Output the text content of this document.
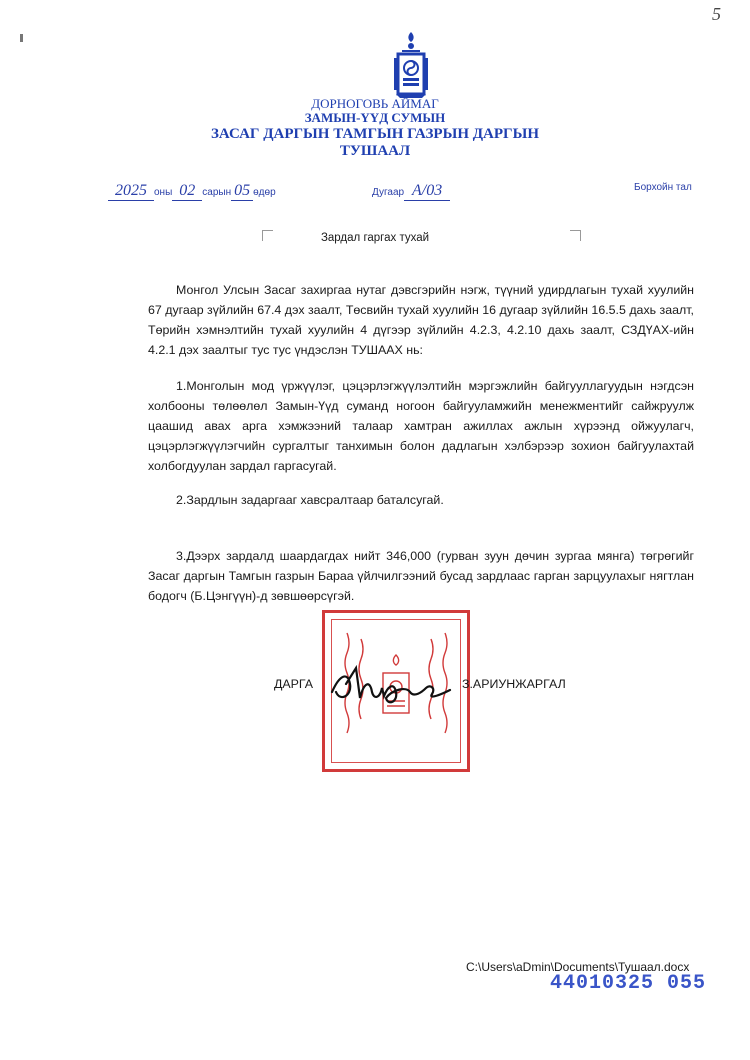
5
ДОРНОГОВЬ АЙМАГ
ЗАМЫН-ҮҮД СУМЫН
ЗАСАГ ДАРГЫН ТАМГЫН ГАЗРЫН ДАРГЫН
ТУШААЛ
2025 оны 02 сарын 05 өдөр	Дугаар А/03	Борхойн тал
Зардал гаргах тухай
Монгол Улсын Засаг захиргаа нутаг дэвсгэрийн нэгж, түүний удирдлагын тухай хуулийн 67 дугаар зүйлийн 67.4 дэх заалт, Төсвийн тухай хуулийн 16 дугаар зүйлийн 16.5.5 дахь заалт, Төрийн хэмнэлтийн тухай хуулийн 4 дүгээр зүйлийн 4.2.3, 4.2.10 дахь заалт, СЗДҮАХ-ийн 4.2.1 дэх заалтыг тус тус үндэслэн ТУШААХ нь:
1.Монголын мод үржүүлэг, цэцэрлэгжүүлэлтийн мэргэжлийн байгууллагуудын нэгдсэн холбооны төлөөлөл Замын-Үүд суманд ногоон байгууламжийн менежментийг сайжруулж цаашид авах арга хэмжээний талаар хамтран ажиллах ажлын хүрээнд ойжуулагч, цэцэрлэгжүүлэгчийн сургалтыг танхимын болон дадлагын хэлбэрээр зохион байгуулахтай холбогдуулан зардал гаргасугай.
2.Зардлын задаргааг хавсралтаар баталсугай.
3.Дээрх зардалд шаардагдах нийт 346,000 (гурван зуун дөчин зургаа мянга) төгрөгийг Засаг даргын Тамгын газрын Бараа үйлчилгээний бусад зардлаас гарган зарцуулахыг нягтлан бодогч (Б.Цэнгүүн)-д зөвшөөрсүгэй.
ДАРГА	З.АРИУНЖАРГАЛ
C:\Users\aDmin\Documents\Тушаал.docx
44010325 055
